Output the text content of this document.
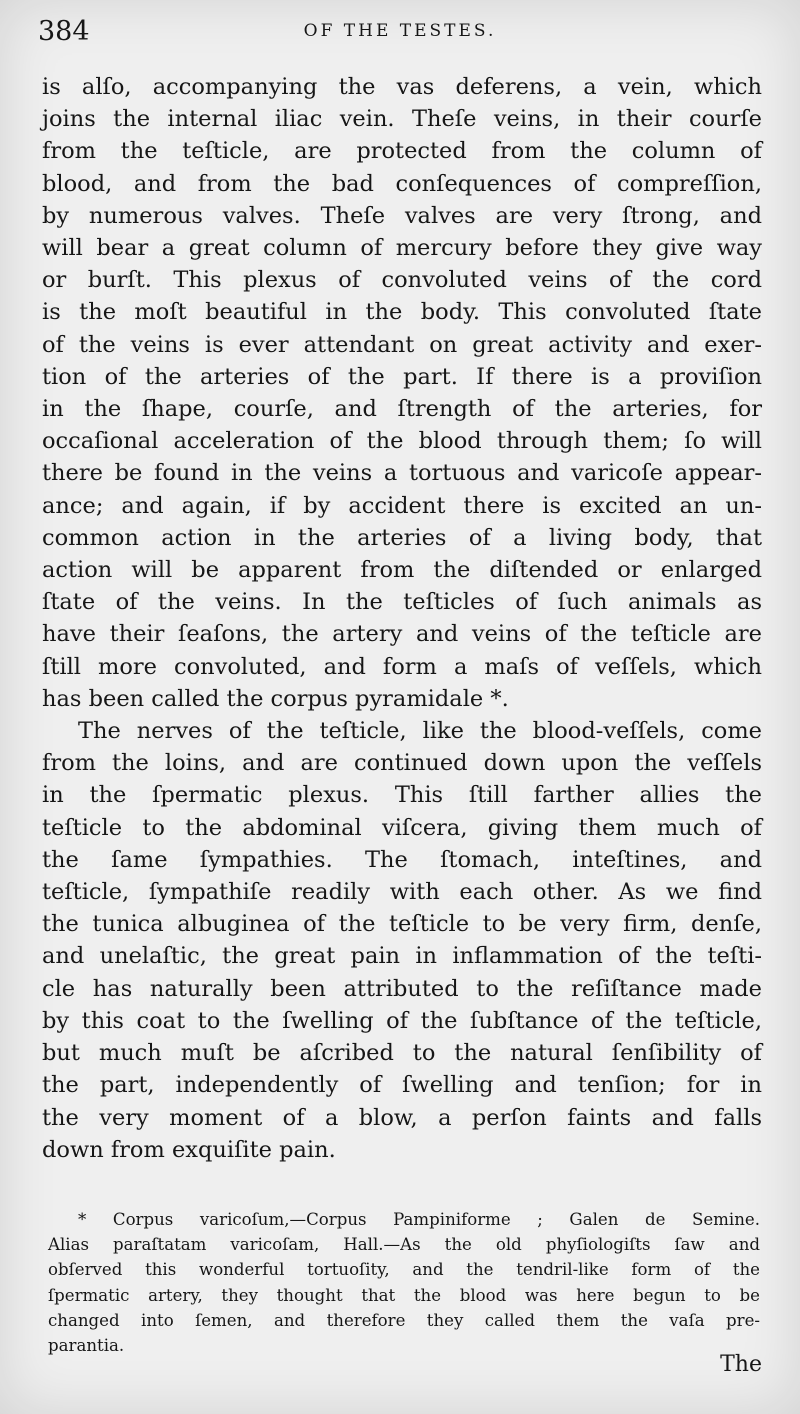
384	OF THE TESTES.
is alſo, accompanying the vas deferens, a vein, which
joins the internal iliac vein. Theſe veins, in their courſe
from the teſticle, are protected from the column of
blood, and from the bad conſequences of compreſſion,
by numerous valves. Theſe valves are very ſtrong, and
will bear a great column of mercury before they give way
or burſt. This plexus of convoluted veins of the cord
is the moſt beautiful in the body. This convoluted ſtate
of the veins is ever attendant on great activity and exer-
tion of the arteries of the part. If there is a proviſion
in the ſhape, courſe, and ſtrength of the arteries, for
occaſional acceleration of the blood through them; ſo will
there be found in the veins a tortuous and varicoſe appear-
ance; and again, if by accident there is excited an un-
common action in the arteries of a living body, that
action will be apparent from the diſtended or enlarged
ſtate of the veins. In the teſticles of ſuch animals as
have their ſeaſons, the artery and veins of the teſticle are
ſtill more convoluted, and form a maſs of veſſels, which
has been called the corpus pyramidale *.
The nerves of the teſticle, like the blood-veſſels, come
from the loins, and are continued down upon the veſſels
in the ſpermatic plexus. This ſtill farther allies the
teſticle to the abdominal viſcera, giving them much of
the ſame ſympathies. The ſtomach, inteſtines, and
teſticle, ſympathiſe readily with each other. As we find
the tunica albuginea of the teſticle to be very firm, denſe,
and unelaſtic, the great pain in inflammation of the teſti-
cle has naturally been attributed to the reſiſtance made
by this coat to the ſwelling of the ſubſtance of the teſticle,
but much muſt be aſcribed to the natural ſenſibility of
the part, independently of ſwelling and tenſion; for in
the very moment of a blow, a perſon faints and falls
down from exquiſite pain.
* Corpus varicoſum,—Corpus Pampiniforme ; Galen de Semine.
Alias paraſtatam varicoſam, Hall.—As the old phyſiologiſts ſaw and
obſerved this wonderful tortuoſity, and the tendril-like form of the
ſpermatic artery, they thought that the blood was here begun to be
changed into ſemen, and therefore they called them the vaſa pre-
parantia.
The
